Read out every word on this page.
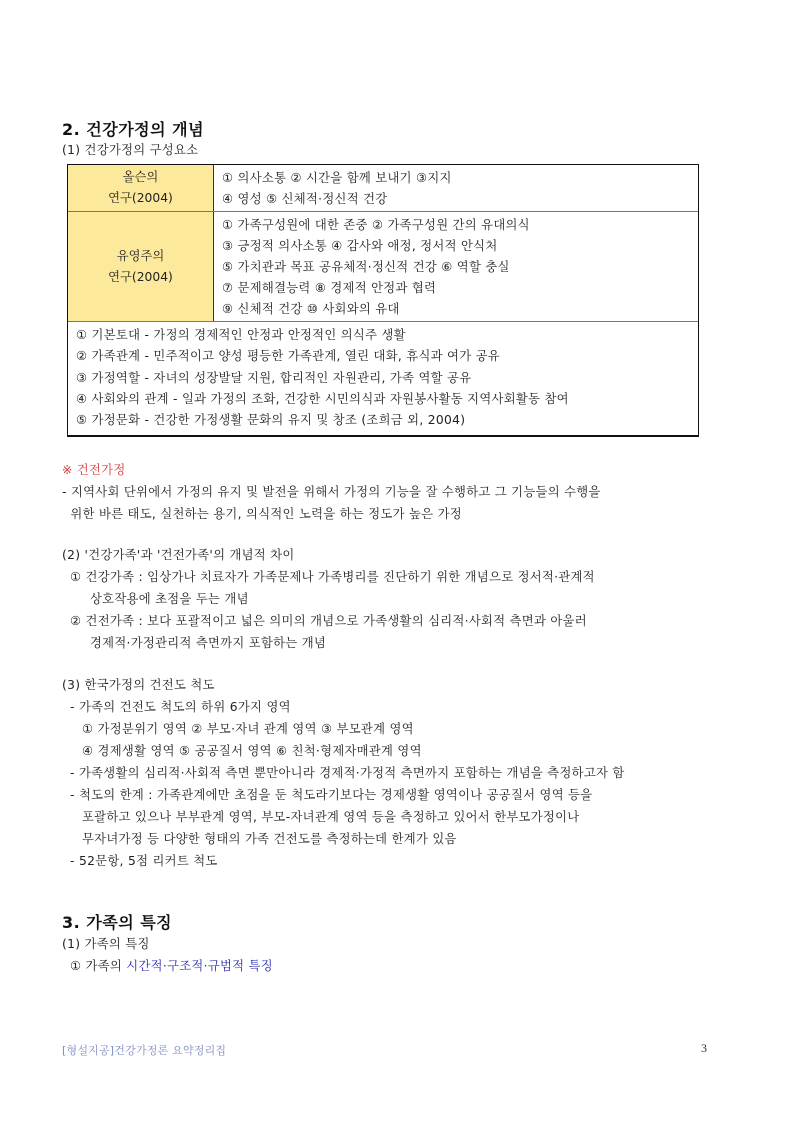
2. 건강가정의 개념
(1) 건강가정의 구성요소
올슨의
연구(2004)
① 의사소통 ② 시간을 함께 보내기 ③지지
④ 영성 ⑤ 신체적·정신적 건강
유영주의
연구(2004)
① 가족구성원에 대한 존중 ② 가족구성원 간의 유대의식
③ 긍정적 의사소통 ④ 감사와 애정, 정서적 안식처
⑤ 가치관과 목표 공유체적·정신적 건강 ⑥ 역할 충실
⑦ 문제해결능력 ⑧ 경제적 안정과 협력
⑨ 신체적 건강 ⑩ 사회와의 유대
① 기본토대 - 가정의 경제적인 안정과 안정적인 의식주 생활
② 가족관계 - 민주적이고 양성 평등한 가족관계, 열린 대화, 휴식과 여가 공유
③ 가정역할 - 자녀의 성장발달 지원, 합리적인 자원관리, 가족 역할 공유
④ 사회와의 관계 - 일과 가정의 조화, 건강한 시민의식과 자원봉사활동 지역사회활동 참여
⑤ 가정문화 - 건강한 가정생활 문화의 유지 및 창조 (조희금 외, 2004)
※ 건전가정
- 지역사회 단위에서 가정의 유지 및 발전을 위해서 가정의 기능을 잘 수행하고 그 기능들의 수행을
위한 바른 태도, 실천하는 용기, 의식적인 노력을 하는 정도가 높은 가정
(2) '건강가족'과 '건전가족'의 개념적 차이
① 건강가족 : 임상가나 치료자가 가족문제나 가족병리를 진단하기 위한 개념으로 정서적·관계적
상호작용에 초점을 두는 개념
② 건전가족 : 보다 포괄적이고 넓은 의미의 개념으로 가족생활의 심리적·사회적 측면과 아울러
경제적·가정관리적 측면까지 포함하는 개념
(3) 한국가정의 건전도 척도
- 가족의 건전도 척도의 하위 6가지 영역
① 가정분위기 영역 ② 부모·자녀 관계 영역 ③ 부모관계 영역
④ 경제생활 영역 ⑤ 공공질서 영역 ⑥ 친척·형제자매관계 영역
- 가족생활의 심리적·사회적 측면 뿐만아니라 경제적·가정적 측면까지 포함하는 개념을 측정하고자 함
- 척도의 한계 : 가족관계에만 초점을 둔 척도라기보다는 경제생활 영역이나 공공질서 영역 등을
포괄하고 있으나 부부관계 영역, 부모-자녀관계 영역 등을 측정하고 있어서 한부모가정이나
무자녀가정 등 다양한 형태의 가족 건전도를 측정하는데 한계가 있음
- 52문항, 5점 리커트 척도
3. 가족의 특징
(1) 가족의 특징
① 가족의 시간적·구조적·규범적 특징
[형설지공]건강가정론 요약정리집	3
